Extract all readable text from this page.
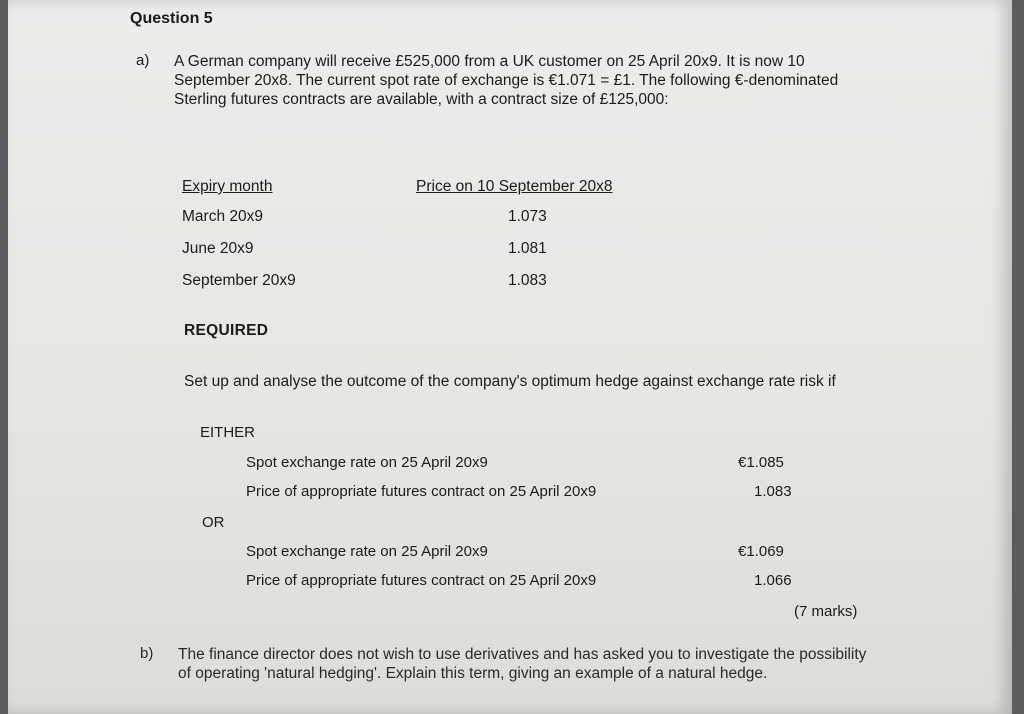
Question 5
a) A German company will receive £525,000 from a UK customer on 25 April 20x9. It is now 10 September 20x8. The current spot rate of exchange is €1.071 = £1. The following €-denominated Sterling futures contracts are available, with a contract size of £125,000:
Expiry month	Price on 10 September 20x8
March 20x9	1.073
June 20x9	1.081
September 20x9	1.083
REQUIRED
Set up and analyse the outcome of the company's optimum hedge against exchange rate risk if
EITHER
Spot exchange rate on 25 April 20x9	€1.085
Price of appropriate futures contract on 25 April 20x9	1.083
OR
Spot exchange rate on 25 April 20x9	€1.069
Price of appropriate futures contract on 25 April 20x9	1.066
(7 marks)
b) The finance director does not wish to use derivatives and has asked you to investigate the possibility of operating 'natural hedging'. Explain this term, giving an example of a natural hedge.
